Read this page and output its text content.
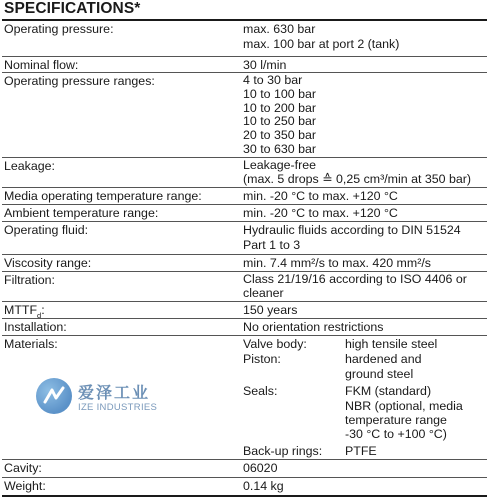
SPECIFICATIONS*
Operating pressure:	max. 630 bar
max. 100 bar at port 2 (tank)
Nominal flow:	30 l/min
Operating pressure ranges:	4 to 30 bar
10 to 100 bar
10 to 200 bar
10 to 250 bar
20 to 350 bar
30 to 630 bar
Leakage:	Leakage-free
(max. 5 drops ≙ 0,25 cm³/min at 350 bar)
Media operating temperature range:	min. -20 °C to max. +120 °C
Ambient temperature range:	min. -20 °C to max. +120 °C
Operating fluid:	Hydraulic fluids according to DIN 51524
Part 1 to 3
Viscosity range:	min. 7.4 mm²/s to max. 420 mm²/s
Filtration:	Class 21/19/16 according to ISO 4406 or
cleaner
$MTTF_d$:	150 years
Installation:	No orientation restrictions
Materials:	Valve body:	high tensile steel
Piston:	hardened and
ground steel
Seals:	FKM (standard)
NBR (optional, media
temperature range
-30 °C to +100 °C)
Back-up rings: PTFE
爱泽工业
IZE INDUSTRIES
Cavity:	06020
Weight:	0.14 kg
